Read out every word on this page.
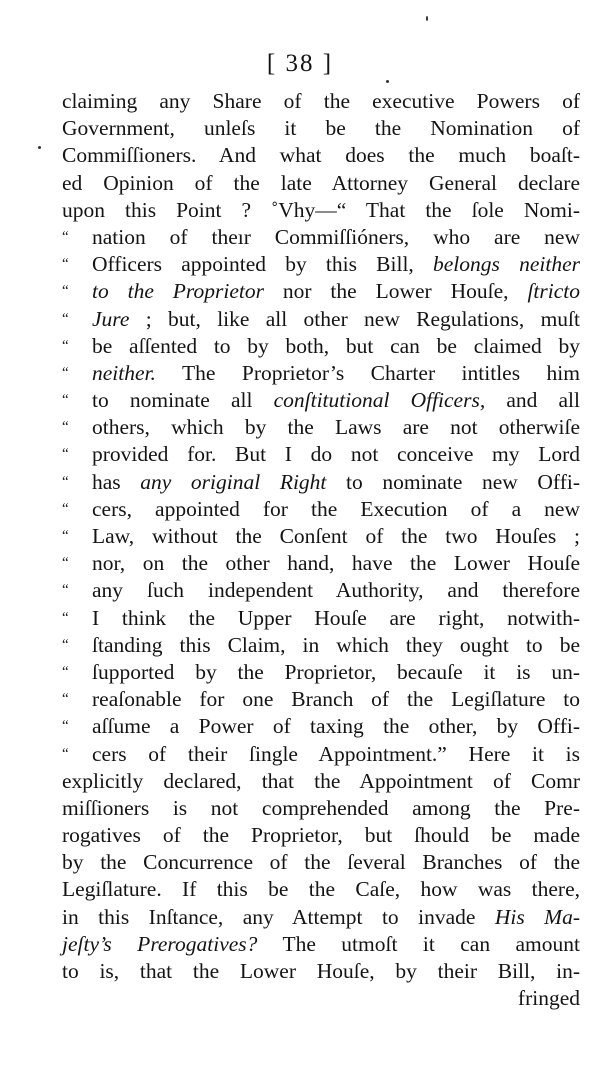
[ 38 ]
claiming any Share of the executive Powers of
Government, unleſs it be the Nomination of
Commiſſioners. And what does the much boaſt-
ed Opinion of the late Attorney General declare
upon this Point ? ˚Vhy—“ That the ſole Nomi-
“	nation of theır Commiſſióners, who are new
“	Officers appointed by this Bill, belongs neither
“	to the Proprietor nor the Lower Houſe, ſtricto
“	Jure ; but, like all other new Regulations, muſt
“	be aſſented to by both, but can be claimed by
“	neither. The Proprietor’s Charter intitles him
“	to nominate all conſtitutional Officers, and all
“	others, which by the Laws are not otherwiſe
“	provided for. But I do not conceive my Lord
“	has any original Right to nominate new Offi-
“	cers, appointed for the Execution of a new
“	Law, without the Conſent of the two Houſes ;
“	nor, on the other hand, have the Lower Houſe
“	any ſuch independent Authority, and therefore
“	I think the Upper Houſe are right, notwith-
“	ſtanding this Claim, in which they ought to be
“	ſupported by the Proprietor, becauſe it is un-
“	reaſonable for one Branch of the Legiſlature to
“	aſſume a Power of taxing the other, by Offi-
“	cers of their ſingle Appointment.” Here it is
explicitly declared, that the Appointment of Comr
miſſioners is not comprehended among the Pre-
rogatives of the Proprietor, but ſhould be made
by the Concurrence of the ſeveral Branches of the
Legiſlature. If this be the Caſe, how was there,
in this Inſtance, any Attempt to invade His Ma-
jeſty’s Prerogatives? The utmoſt it can amount
to is, that the Lower Houſe, by their Bill, in-
fringed
